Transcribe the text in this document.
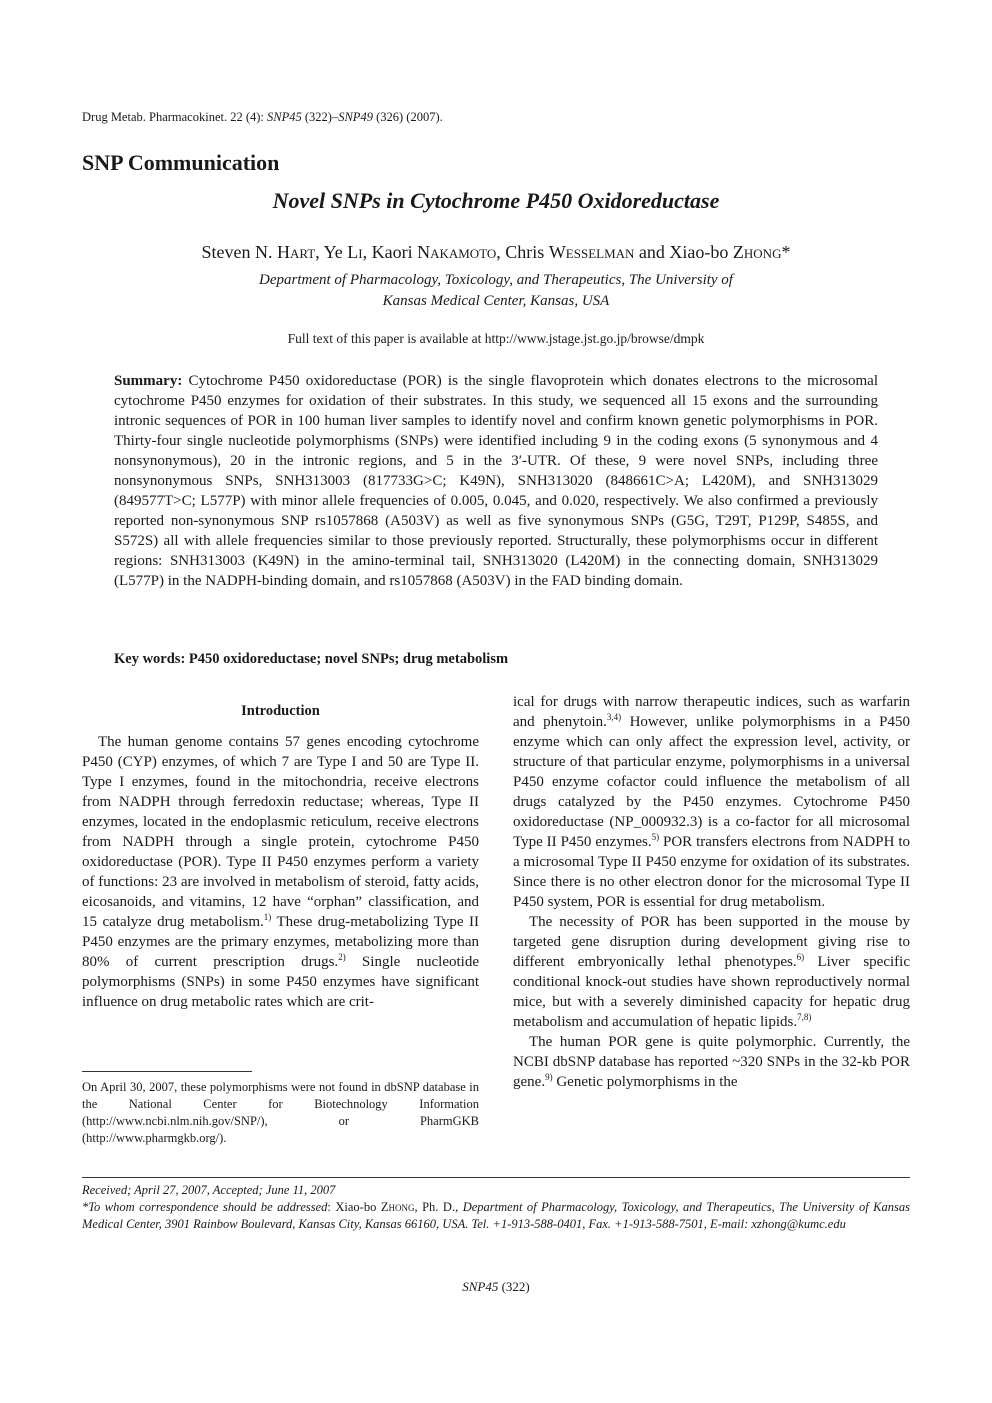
Drug Metab. Pharmacokinet. 22 (4): SNP45 (322)–SNP49 (326) (2007).
SNP Communication
Novel SNPs in Cytochrome P450 Oxidoreductase
Steven N. Hart, Ye Li, Kaori Nakamoto, Chris Wesselman and Xiao-bo Zhong*
Department of Pharmacology, Toxicology, and Therapeutics, The University of
Kansas Medical Center, Kansas, USA
Full text of this paper is available at http://www.jstage.jst.go.jp/browse/dmpk
Summary: Cytochrome P450 oxidoreductase (POR) is the single flavoprotein which donates electrons to the microsomal cytochrome P450 enzymes for oxidation of their substrates. In this study, we sequenced all 15 exons and the surrounding intronic sequences of POR in 100 human liver samples to identify novel and confirm known genetic polymorphisms in POR. Thirty-four single nucleotide polymorphisms (SNPs) were identified including 9 in the coding exons (5 synonymous and 4 nonsynonymous), 20 in the intronic regions, and 5 in the 3′-UTR. Of these, 9 were novel SNPs, including three nonsynonymous SNPs, SNH313003 (817733G>C; K49N), SNH313020 (848661C>A; L420M), and SNH313029 (849577T>C; L577P) with minor allele frequencies of 0.005, 0.045, and 0.020, respectively. We also confirmed a previously reported non-synonymous SNP rs1057868 (A503V) as well as five synonymous SNPs (G5G, T29T, P129P, S485S, and S572S) all with allele frequencies similar to those previously reported. Structurally, these polymorphisms occur in different regions: SNH313003 (K49N) in the amino-terminal tail, SNH313020 (L420M) in the connecting domain, SNH313029 (L577P) in the NADPH-binding domain, and rs1057868 (A503V) in the FAD binding domain.
Key words: P450 oxidoreductase; novel SNPs; drug metabolism
Introduction

The human genome contains 57 genes encoding cytochrome P450 (CYP) enzymes, of which 7 are Type I and 50 are Type II. Type I enzymes, found in the mitochondria, receive electrons from NADPH through ferredoxin reductase; whereas, Type II enzymes, located in the endoplasmic reticulum, receive electrons from NADPH through a single protein, cytochrome P450 oxidoreductase (POR). Type II P450 enzymes perform a variety of functions: 23 are involved in metabolism of steroid, fatty acids, eicosanoids, and vitamins, 12 have “orphan” classification, and 15 catalyze drug metabolism.$^{1)}$ These drug-metabolizing Type II P450 enzymes are the primary enzymes, metabolizing more than 80% of current prescription drugs.$^{2)}$ Single nucleotide polymorphisms (SNPs) in some P450 enzymes have significant influence on drug metabolic rates which are crit-

ical for drugs with narrow therapeutic indices, such as warfarin and phenytoin.$^{3,4)}$ However, unlike polymorphisms in a P450 enzyme which can only affect the expression level, activity, or structure of that particular enzyme, polymorphisms in a universal P450 enzyme cofactor could influence the metabolism of all drugs catalyzed by the P450 enzymes. Cytochrome P450 oxidoreductase (NP_000932.3) is a co-factor for all microsomal Type II P450 enzymes.$^{5)}$ POR transfers electrons from NADPH to a microsomal Type II P450 enzyme for oxidation of its substrates. Since there is no other electron donor for the microsomal Type II P450 system, POR is essential for drug metabolism.

The necessity of POR has been supported in the mouse by targeted gene disruption during development giving rise to different embryonically lethal phenotypes.$^{6)}$ Liver specific conditional knock-out studies have shown reproductively normal mice, but with a severely diminished capacity for hepatic drug metabolism and accumulation of hepatic lipids.$^{7,8)}$

The human POR gene is quite polymorphic. Currently, the NCBI dbSNP database has reported ~320 SNPs in the 32-kb POR gene.$^{9)}$ Genetic polymorphisms in the

On April 30, 2007, these polymorphisms were not found in dbSNP database in the National Center for Biotechnology Information (http://www.ncbi.nlm.nih.gov/SNP/), or PharmGKB (http://www.pharmgkb.org/).
Received; April 27, 2007, Accepted; June 11, 2007
*To whom correspondence should be addressed: Xiao-bo Zhong, Ph. D., Department of Pharmacology, Toxicology, and Therapeutics, The University of Kansas Medical Center, 3901 Rainbow Boulevard, Kansas City, Kansas 66160, USA. Tel. +1-913-588-0401, Fax. +1-913-588-7501, E-mail: xzhong@kumc.edu
SNP45 (322)
